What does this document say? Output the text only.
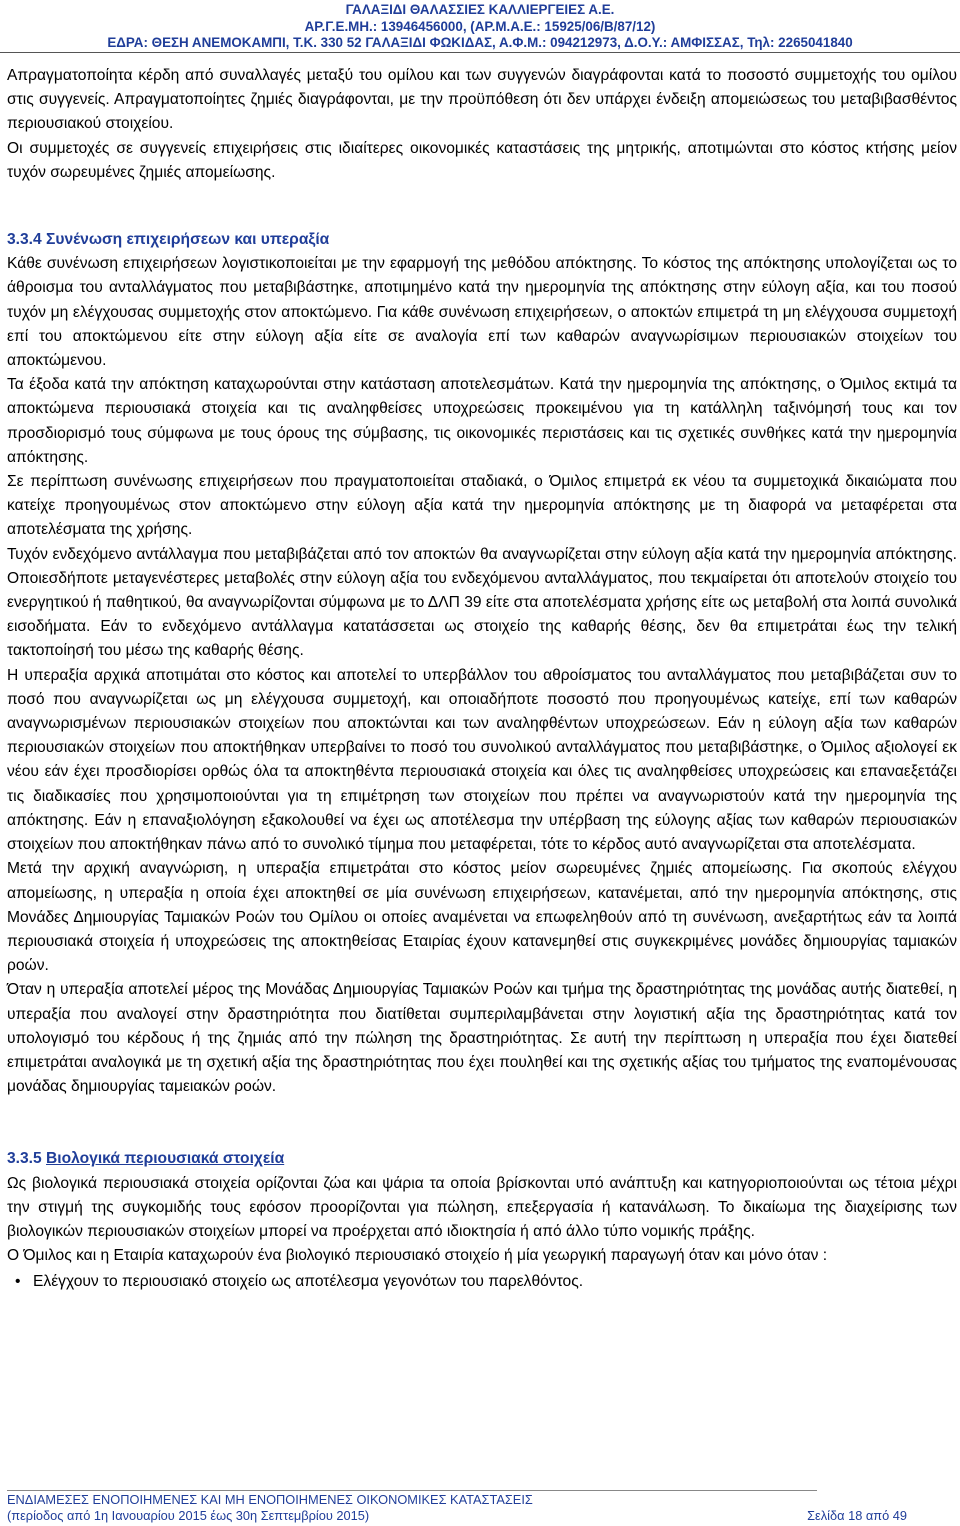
ΓΑΛΑΞΙΔΙ ΘΑΛΑΣΣΙΕΣ ΚΑΛΛΙΕΡΓΕΙΕΣ Α.Ε.
ΑΡ.Γ.Ε.ΜΗ.: 13946456000, (ΑΡ.Μ.Α.Ε.: 15925/06/Β/87/12)
ΕΔΡΑ: ΘΕΣΗ ΑΝΕΜΟΚΑΜΠΙ, Τ.Κ. 330 52 ΓΑΛΑΞΙΔΙ ΦΩΚΙΔΑΣ, Α.Φ.Μ.: 094212973, Δ.Ο.Υ.: ΑΜΦΙΣΣΑΣ, Τηλ: 2265041840

Απραγματοποίητα κέρδη από συναλλαγές μεταξύ του ομίλου και των συγγενών διαγράφονται κατά το ποσοστό συμμετοχής του ομίλου στις συγγενείς. Απραγματοποίητες ζημιές διαγράφονται, με την προϋπόθεση ότι δεν υπάρχει ένδειξη απομειώσεως του μεταβιβασθέντος περιουσιακού στοιχείου.

Οι συμμετοχές σε συγγενείς επιχειρήσεις στις ιδιαίτερες οικονομικές καταστάσεις της μητρικής, αποτιμώνται στο κόστος κτήσης μείον τυχόν σωρευμένες ζημιές απομείωσης.

3.3.4 Συνένωση επιχειρήσεων και υπεραξία

Κάθε συνένωση επιχειρήσεων λογιστικοποιείται με την εφαρμογή της μεθόδου απόκτησης. Το κόστος της απόκτησης υπολογίζεται ως το άθροισμα του ανταλλάγματος που μεταβιβάστηκε, αποτιμημένο κατά την ημερομηνία της απόκτησης στην εύλογη αξία, και του ποσού τυχόν μη ελέγχουσας συμμετοχής στον αποκτώμενο. Για κάθε συνένωση επιχειρήσεων, ο αποκτών επιμετρά τη μη ελέγχουσα συμμετοχή επί του αποκτώμενου είτε στην εύλογη αξία είτε σε αναλογία επί των καθαρών αναγνωρίσιμων περιουσιακών στοιχείων του αποκτώμενου.

Τα έξοδα κατά την απόκτηση καταχωρούνται στην κατάσταση αποτελεσμάτων. Κατά την ημερομηνία της απόκτησης, ο Όμιλος εκτιμά τα αποκτώμενα περιουσιακά στοιχεία και τις αναληφθείσες υποχρεώσεις προκειμένου για τη κατάλληλη ταξινόμησή τους και τον προσδιορισμό τους σύμφωνα με τους όρους της σύμβασης, τις οικονομικές περιστάσεις και τις σχετικές συνθήκες κατά την ημερομηνία απόκτησης.

Σε περίπτωση συνένωσης επιχειρήσεων που πραγματοποιείται σταδιακά, ο Όμιλος επιμετρά εκ νέου τα συμμετοχικά δικαιώματα που κατείχε προηγουμένως στον αποκτώμενο στην εύλογη αξία κατά την ημερομηνία απόκτησης με τη διαφορά να μεταφέρεται στα αποτελέσματα της χρήσης.

Τυχόν ενδεχόμενο αντάλλαγμα που μεταβιβάζεται από τον αποκτών θα αναγνωρίζεται στην εύλογη αξία κατά την ημερομηνία απόκτησης. Οποιεσδήποτε μεταγενέστερες μεταβολές στην εύλογη αξία του ενδεχόμενου ανταλλάγματος, που τεκμαίρεται ότι αποτελούν στοιχείο του ενεργητικού ή παθητικού, θα αναγνωρίζονται σύμφωνα με το ΔΛΠ 39 είτε στα αποτελέσματα χρήσης είτε ως μεταβολή στα λοιπά συνολικά εισοδήματα. Εάν το ενδεχόμενο αντάλλαγμα κατατάσσεται ως στοιχείο της καθαρής θέσης, δεν θα επιμετράται έως την τελική τακτοποίησή του μέσω της καθαρής θέσης.

Η υπεραξία αρχικά αποτιμάται στο κόστος και αποτελεί το υπερβάλλον του αθροίσματος του ανταλλάγματος που μεταβιβάζεται συν το ποσό που αναγνωρίζεται ως μη ελέγχουσα συμμετοχή, και οποιαδήποτε ποσοστό που προηγουμένως κατείχε, επί των καθαρών αναγνωρισμένων περιουσιακών στοιχείων που αποκτώνται και των αναληφθέντων υποχρεώσεων. Εάν η εύλογη αξία των καθαρών περιουσιακών στοιχείων που αποκτήθηκαν υπερβαίνει το ποσό του συνολικού ανταλλάγματος που μεταβιβάστηκε, ο Όμιλος αξιολογεί εκ νέου εάν έχει προσδιορίσει ορθώς όλα τα αποκτηθέντα περιουσιακά στοιχεία και όλες τις αναληφθείσες υποχρεώσεις και επαναεξετάζει τις διαδικασίες που χρησιμοποιούνται για τη επιμέτρηση των στοιχείων που πρέπει να αναγνωριστούν κατά την ημερομηνία της απόκτησης. Εάν η επαναξιολόγηση εξακολουθεί να έχει ως αποτέλεσμα την υπέρβαση της εύλογης αξίας των καθαρών περιουσιακών στοιχείων που αποκτήθηκαν πάνω από το συνολικό τίμημα που μεταφέρεται, τότε το κέρδος αυτό αναγνωρίζεται στα αποτελέσματα.

Μετά την αρχική αναγνώριση, η υπεραξία επιμετράται στο κόστος μείον σωρευμένες ζημιές απομείωσης. Για σκοπούς ελέγχου απομείωσης, η υπεραξία η οποία έχει αποκτηθεί σε μία συνένωση επιχειρήσεων, κατανέμεται, από την ημερομηνία απόκτησης, στις Μονάδες Δημιουργίας Ταμιακών Ροών του Ομίλου οι οποίες αναμένεται να επωφεληθούν από τη συνένωση, ανεξαρτήτως εάν τα λοιπά περιουσιακά στοιχεία ή υποχρεώσεις της αποκτηθείσας Εταιρίας έχουν κατανεμηθεί στις συγκεκριμένες μονάδες δημιουργίας ταμιακών ροών.

Όταν η υπεραξία αποτελεί μέρος της Μονάδας Δημιουργίας Ταμιακών Ροών και τμήμα της δραστηριότητας της μονάδας αυτής διατεθεί, η υπεραξία που αναλογεί στην δραστηριότητα που διατίθεται συμπεριλαμβάνεται στην λογιστική αξία της δραστηριότητας κατά τον υπολογισμό του κέρδους ή της ζημιάς από την πώληση της δραστηριότητας. Σε αυτή την περίπτωση η υπεραξία που έχει διατεθεί επιμετράται αναλογικά με τη σχετική αξία της δραστηριότητας που έχει πουληθεί και της σχετικής αξίας του τμήματος της εναπομένουσας μονάδας δημιουργίας ταμειακών ροών.

3.3.5 Βιολογικά περιουσιακά στοιχεία

Ως βιολογικά περιουσιακά στοιχεία ορίζονται ζώα και ψάρια τα οποία βρίσκονται υπό ανάπτυξη και κατηγοριοποιούνται ως τέτοια μέχρι την στιγμή της συγκομιδής τους εφόσον προορίζονται για πώληση, επεξεργασία ή κατανάλωση. Το δικαίωμα της διαχείρισης των βιολογικών περιουσιακών στοιχείων μπορεί να προέρχεται από ιδιοκτησία ή από άλλο τύπο νομικής πράξης.

Ο Όμιλος και η Εταιρία καταχωρούν ένα βιολογικό περιουσιακό στοιχείο ή μία γεωργική παραγωγή όταν και μόνο όταν :

• Ελέγχουν το περιουσιακό στοιχείο ως αποτέλεσμα γεγονότων του παρελθόντος.
ΕΝΔΙΑΜΕΣΕΣ ΕΝΟΠΟΙΗΜΕΝΕΣ ΚΑΙ ΜΗ ΕΝΟΠΟΙΗΜΕΝΕΣ ΟΙΚΟΝΟΜΙΚΕΣ ΚΑΤΑΣΤΑΣΕΙΣ
(περίοδος από 1η Ιανουαρίου 2015 έως 30η Σεπτεμβρίου 2015)	Σελίδα 18 από 49
